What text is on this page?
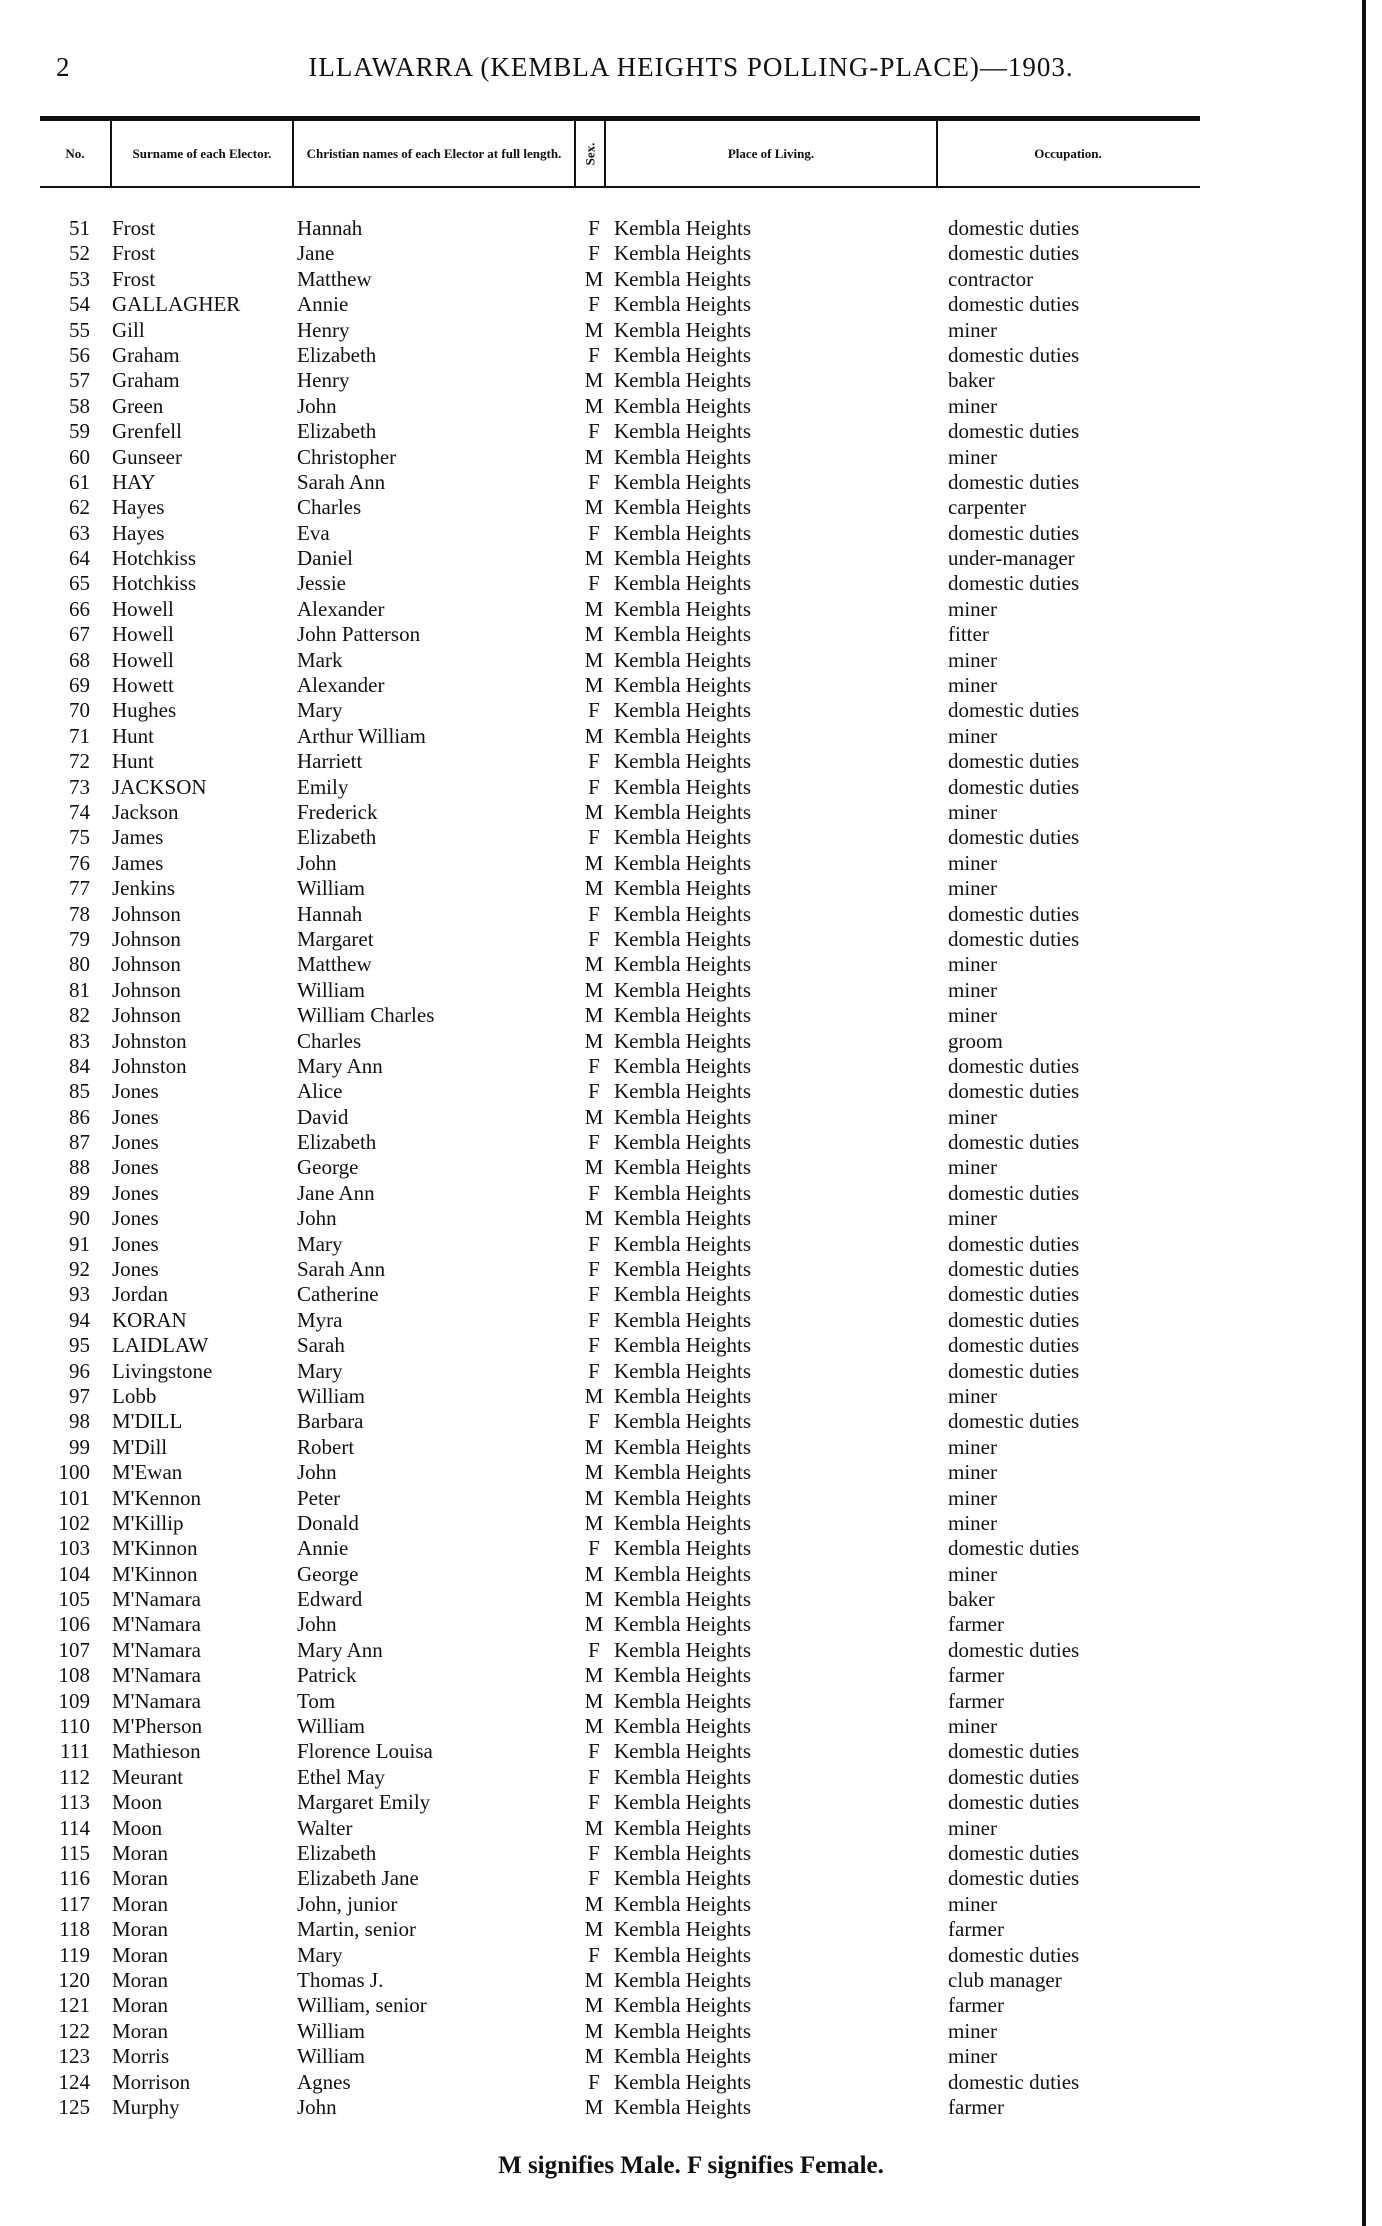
2	ILLAWARRA (KEMBLA HEIGHTS POLLING-PLACE)—1903.
No.	Surname of each Elector.	Christian names of each Elector at full length.	Sex.	Place of Living.	Occupation.
51 Frost	Hannah	F Kembla Heights	domestic duties
52 Frost	Jane	F Kembla Heights	domestic duties
53 Frost	Matthew	M Kembla Heights	contractor
54 GALLAGHER	Annie	F Kembla Heights	domestic duties
55 Gill	Henry	M Kembla Heights	miner
56 Graham	Elizabeth	F Kembla Heights	domestic duties
57 Graham	Henry	M Kembla Heights	baker
58 Green	John	M Kembla Heights	miner
59 Grenfell	Elizabeth	F Kembla Heights	domestic duties
60 Gunseer	Christopher	M Kembla Heights	miner
61 HAY	Sarah Ann	F Kembla Heights	domestic duties
62 Hayes	Charles	M Kembla Heights	carpenter
63 Hayes	Eva	F Kembla Heights	domestic duties
64 Hotchkiss	Daniel	M Kembla Heights	under-manager
65 Hotchkiss	Jessie	F Kembla Heights	domestic duties
66 Howell	Alexander	M Kembla Heights	miner
67 Howell	John Patterson	M Kembla Heights	fitter
68 Howell	Mark	M Kembla Heights	miner
69 Howett	Alexander	M Kembla Heights	miner
70 Hughes	Mary	F Kembla Heights	domestic duties
71 Hunt	Arthur William	M Kembla Heights	miner
72 Hunt	Harriett	F Kembla Heights	domestic duties
73 JACKSON	Emily	F Kembla Heights	domestic duties
74 Jackson	Frederick	M Kembla Heights	miner
75 James	Elizabeth	F Kembla Heights	domestic duties
76 James	John	M Kembla Heights	miner
77 Jenkins	William	M Kembla Heights	miner
78 Johnson	Hannah	F Kembla Heights	domestic duties
79 Johnson	Margaret	F Kembla Heights	domestic duties
80 Johnson	Matthew	M Kembla Heights	miner
81 Johnson	William	M Kembla Heights	miner
82 Johnson	William Charles	M Kembla Heights	miner
83 Johnston	Charles	M Kembla Heights	groom
84 Johnston	Mary Ann	F Kembla Heights	domestic duties
85 Jones	Alice	F Kembla Heights	domestic duties
86 Jones	David	M Kembla Heights	miner
87 Jones	Elizabeth	F Kembla Heights	domestic duties
88 Jones	George	M Kembla Heights	miner
89 Jones	Jane Ann	F Kembla Heights	domestic duties
90 Jones	John	M Kembla Heights	miner
91 Jones	Mary	F Kembla Heights	domestic duties
92 Jones	Sarah Ann	F Kembla Heights	domestic duties
93 Jordan	Catherine	F Kembla Heights	domestic duties
94 KORAN	Myra	F Kembla Heights	domestic duties
95 LAIDLAW	Sarah	F Kembla Heights	domestic duties
96 Livingstone	Mary	F Kembla Heights	domestic duties
97 Lobb	William	M Kembla Heights	miner
98 M'DILL	Barbara	F Kembla Heights	domestic duties
99 M'Dill	Robert	M Kembla Heights	miner
100 M'Ewan	John	M Kembla Heights	miner
101 M'Kennon	Peter	M Kembla Heights	miner
102 M'Killip	Donald	M Kembla Heights	miner
103 M'Kinnon	Annie	F Kembla Heights	domestic duties
104 M'Kinnon	George	M Kembla Heights	miner
105 M'Namara	Edward	M Kembla Heights	baker
106 M'Namara	John	M Kembla Heights	farmer
107 M'Namara	Mary Ann	F Kembla Heights	domestic duties
108 M'Namara	Patrick	M Kembla Heights	farmer
109 M'Namara	Tom	M Kembla Heights	farmer
110 M'Pherson	William	M Kembla Heights	miner
111 Mathieson	Florence Louisa	F Kembla Heights	domestic duties
112 Meurant	Ethel May	F Kembla Heights	domestic duties
113 Moon	Margaret Emily	F Kembla Heights	domestic duties
114 Moon	Walter	M Kembla Heights	miner
115 Moran	Elizabeth	F Kembla Heights	domestic duties
116 Moran	Elizabeth Jane	F Kembla Heights	domestic duties
117 Moran	John, junior	M Kembla Heights	miner
118 Moran	Martin, senior	M Kembla Heights	farmer
119 Moran	Mary	F Kembla Heights	domestic duties
120 Moran	Thomas J.	M Kembla Heights	club manager
121 Moran	William, senior	M Kembla Heights	farmer
122 Moran	William	M Kembla Heights	miner
123 Morris	William	M Kembla Heights	miner
124 Morrison	Agnes	F Kembla Heights	domestic duties
125 Murphy	John	M Kembla Heights	farmer
M signifies Male. F signifies Female.
